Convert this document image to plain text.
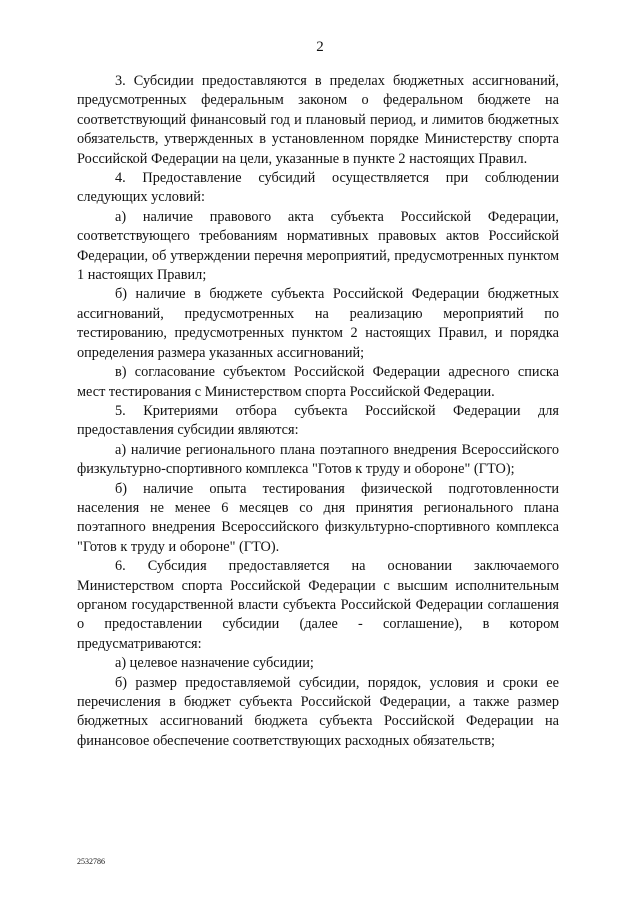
2

3. Субсидии предоставляются в пределах бюджетных ассигнований, предусмотренных федеральным законом о федеральном бюджете на соответствующий финансовый год и плановый период, и лимитов бюджетных обязательств, утвержденных в установленном порядке Министерству спорта Российской Федерации на цели, указанные в пункте 2 настоящих Правил.

4. Предоставление субсидий осуществляется при соблюдении следующих условий:

а) наличие правового акта субъекта Российской Федерации, соответствующего требованиям нормативных правовых актов Российской Федерации, об утверждении перечня мероприятий, предусмотренных пунктом 1 настоящих Правил;

б) наличие в бюджете субъекта Российской Федерации бюджетных ассигнований, предусмотренных на реализацию мероприятий по тестированию, предусмотренных пунктом 2 настоящих Правил, и порядка определения размера указанных ассигнований;

в) согласование субъектом Российской Федерации адресного списка мест тестирования с Министерством спорта Российской Федерации.

5. Критериями отбора субъекта Российской Федерации для предоставления субсидии являются:

а) наличие регионального плана поэтапного внедрения Всероссийского физкультурно-спортивного комплекса "Готов к труду и обороне" (ГТО);

б) наличие опыта тестирования физической подготовленности населения не менее 6 месяцев со дня принятия регионального плана поэтапного внедрения Всероссийского физкультурно-спортивного комплекса "Готов к труду и обороне" (ГТО).

6. Субсидия предоставляется на основании заключаемого Министерством спорта Российской Федерации с высшим исполнительным органом государственной власти субъекта Российской Федерации соглашения о предоставлении субсидии (далее - соглашение), в котором предусматриваются:

а) целевое назначение субсидии;

б) размер предоставляемой субсидии, порядок, условия и сроки ее перечисления в бюджет субъекта Российской Федерации, а также размер бюджетных ассигнований бюджета субъекта Российской Федерации на финансовое обеспечение соответствующих расходных обязательств;

2532786
